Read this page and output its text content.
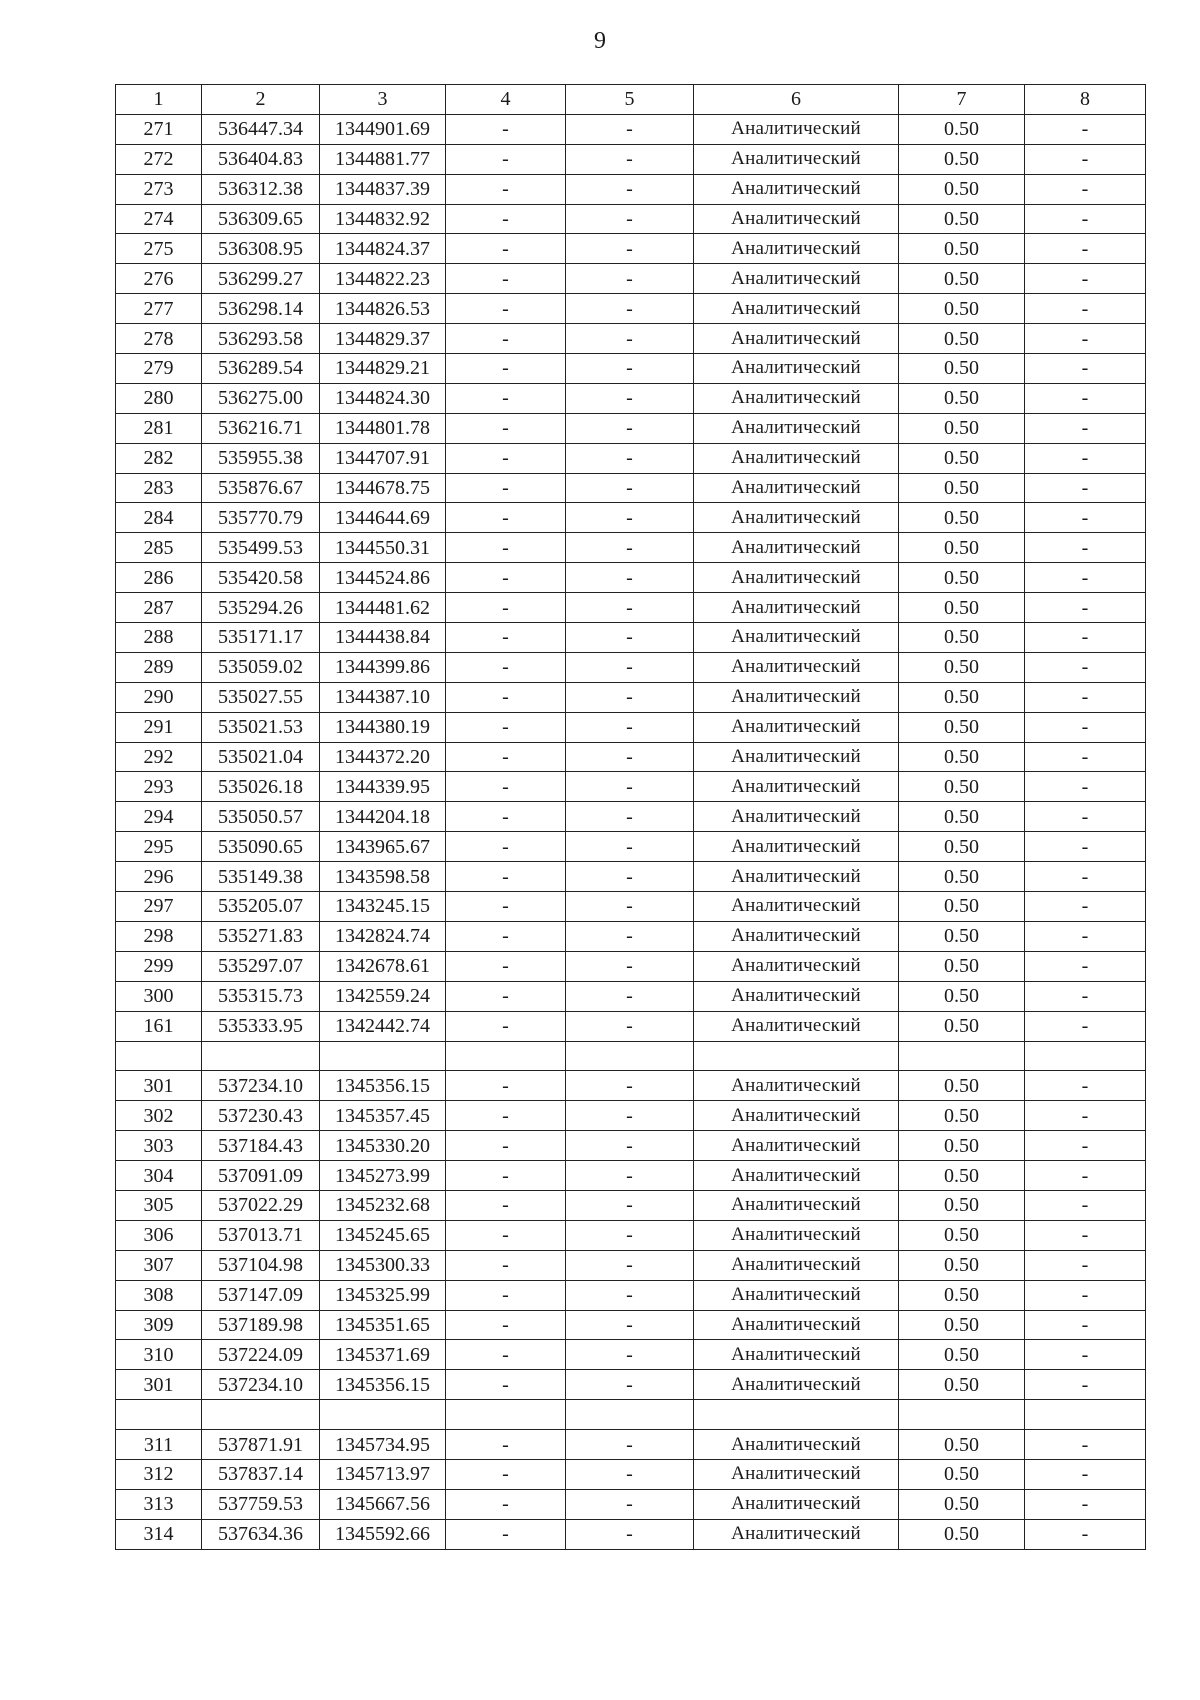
9
1	2	3	4	5	6	7	8
271	536447.34	1344901.69	-	-	Аналитический	0.50	-
272	536404.83	1344881.77	-	-	Аналитический	0.50	-
273	536312.38	1344837.39	-	-	Аналитический	0.50	-
274	536309.65	1344832.92	-	-	Аналитический	0.50	-
275	536308.95	1344824.37	-	-	Аналитический	0.50	-
276	536299.27	1344822.23	-	-	Аналитический	0.50	-
277	536298.14	1344826.53	-	-	Аналитический	0.50	-
278	536293.58	1344829.37	-	-	Аналитический	0.50	-
279	536289.54	1344829.21	-	-	Аналитический	0.50	-
280	536275.00	1344824.30	-	-	Аналитический	0.50	-
281	536216.71	1344801.78	-	-	Аналитический	0.50	-
282	535955.38	1344707.91	-	-	Аналитический	0.50	-
283	535876.67	1344678.75	-	-	Аналитический	0.50	-
284	535770.79	1344644.69	-	-	Аналитический	0.50	-
285	535499.53	1344550.31	-	-	Аналитический	0.50	-
286	535420.58	1344524.86	-	-	Аналитический	0.50	-
287	535294.26	1344481.62	-	-	Аналитический	0.50	-
288	535171.17	1344438.84	-	-	Аналитический	0.50	-
289	535059.02	1344399.86	-	-	Аналитический	0.50	-
290	535027.55	1344387.10	-	-	Аналитический	0.50	-
291	535021.53	1344380.19	-	-	Аналитический	0.50	-
292	535021.04	1344372.20	-	-	Аналитический	0.50	-
293	535026.18	1344339.95	-	-	Аналитический	0.50	-
294	535050.57	1344204.18	-	-	Аналитический	0.50	-
295	535090.65	1343965.67	-	-	Аналитический	0.50	-
296	535149.38	1343598.58	-	-	Аналитический	0.50	-
297	535205.07	1343245.15	-	-	Аналитический	0.50	-
298	535271.83	1342824.74	-	-	Аналитический	0.50	-
299	535297.07	1342678.61	-	-	Аналитический	0.50	-
300	535315.73	1342559.24	-	-	Аналитический	0.50	-
161	535333.95	1342442.74	-	-	Аналитический	0.50	-

301	537234.10	1345356.15	-	-	Аналитический	0.50	-
302	537230.43	1345357.45	-	-	Аналитический	0.50	-
303	537184.43	1345330.20	-	-	Аналитический	0.50	-
304	537091.09	1345273.99	-	-	Аналитический	0.50	-
305	537022.29	1345232.68	-	-	Аналитический	0.50	-
306	537013.71	1345245.65	-	-	Аналитический	0.50	-
307	537104.98	1345300.33	-	-	Аналитический	0.50	-
308	537147.09	1345325.99	-	-	Аналитический	0.50	-
309	537189.98	1345351.65	-	-	Аналитический	0.50	-
310	537224.09	1345371.69	-	-	Аналитический	0.50	-
301	537234.10	1345356.15	-	-	Аналитический	0.50	-

311	537871.91	1345734.95	-	-	Аналитический	0.50	-
312	537837.14	1345713.97	-	-	Аналитический	0.50	-
313	537759.53	1345667.56	-	-	Аналитический	0.50	-
314	537634.36	1345592.66	-	-	Аналитический	0.50	-
